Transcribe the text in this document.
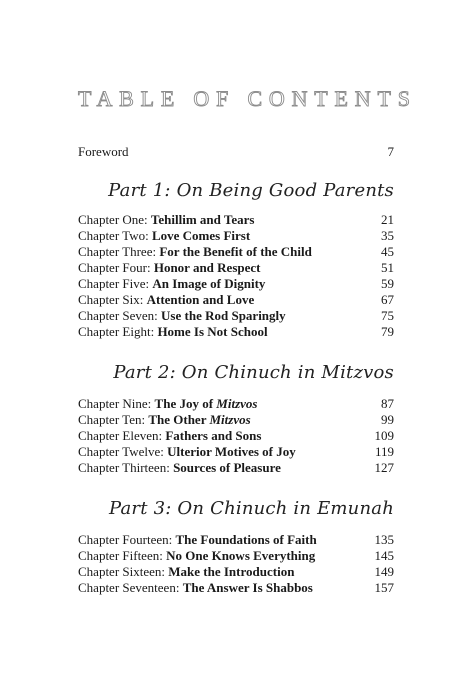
TABLE OF CONTENTS
Foreword	7
Part 1: On Being Good Parents
Chapter One: Tehillim and Tears	21
Chapter Two: Love Comes First	35
Chapter Three: For the Benefit of the Child	45
Chapter Four: Honor and Respect	51
Chapter Five: An Image of Dignity	59
Chapter Six: Attention and Love	67
Chapter Seven: Use the Rod Sparingly	75
Chapter Eight: Home Is Not School	79
Part 2: On Chinuch in Mitzvos
Chapter Nine: The Joy of Mitzvos	87
Chapter Ten: The Other Mitzvos	99
Chapter Eleven: Fathers and Sons	109
Chapter Twelve: Ulterior Motives of Joy	119
Chapter Thirteen: Sources of Pleasure	127
Part 3: On Chinuch in Emunah
Chapter Fourteen: The Foundations of Faith	135
Chapter Fifteen: No One Knows Everything	145
Chapter Sixteen: Make the Introduction	149
Chapter Seventeen: The Answer Is Shabbos	157
